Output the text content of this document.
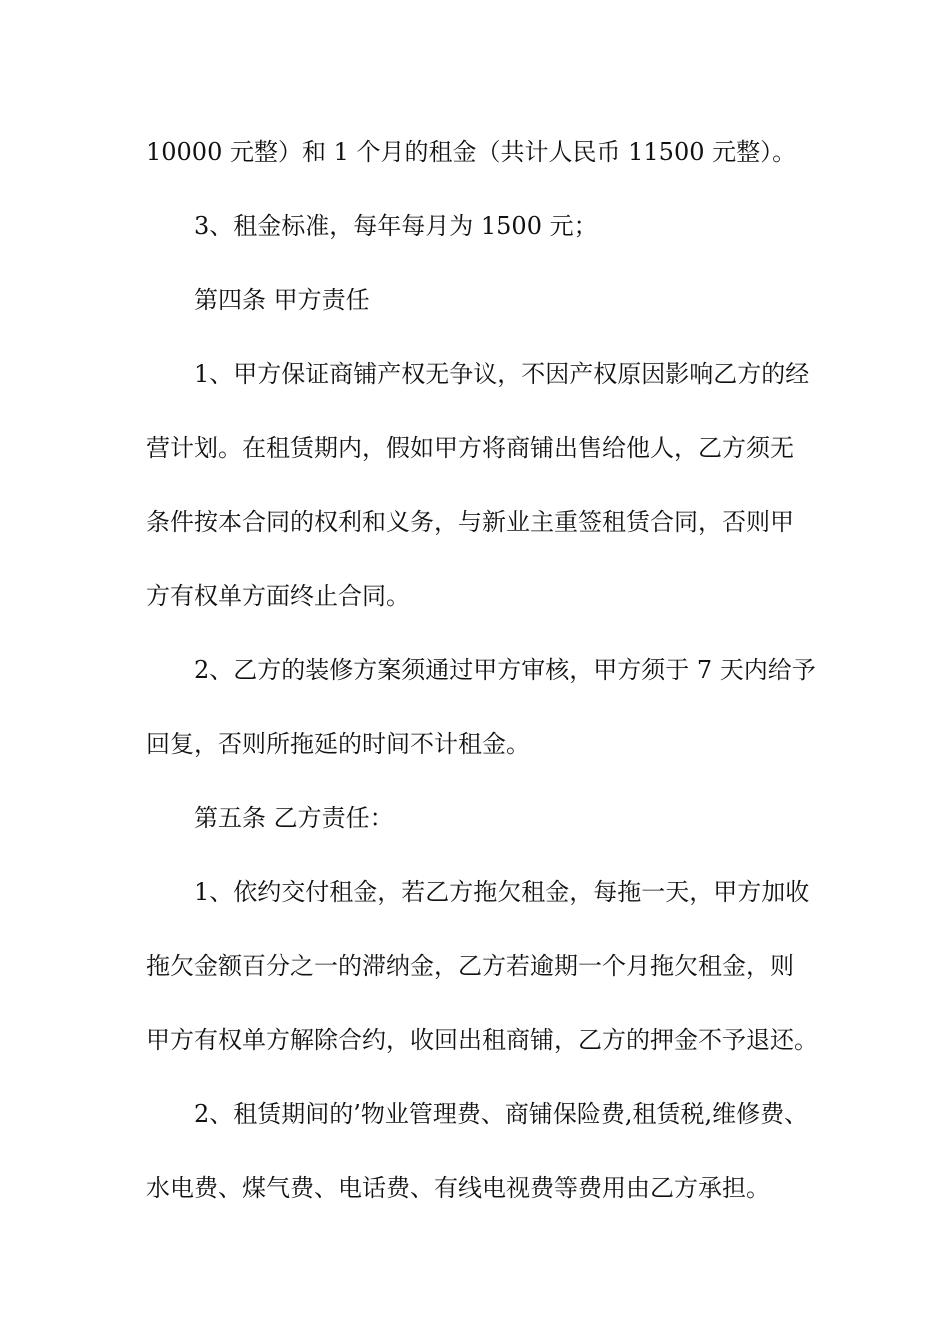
10000 元整）和 1 个月的租金（共计人民币 11500 元整）。
3、租金标准，每年每月为 1500 元；
第四条 甲方责任
1、甲方保证商铺产权无争议，不因产权原因影响乙方的经
营计划。在租赁期内，假如甲方将商铺出售给他人，乙方须无
条件按本合同的权利和义务，与新业主重签租赁合同，否则甲
方有权单方面终止合同。
2、乙方的装修方案须通过甲方审核，甲方须于 7 天内给予
回复，否则所拖延的时间不计租金。
第五条 乙方责任：
1、依约交付租金，若乙方拖欠租金，每拖一天，甲方加收
拖欠金额百分之一的滞纳金，乙方若逾期一个月拖欠租金，则
甲方有权单方解除合约，收回出租商铺，乙方的押金不予退还。
2、租赁期间的’物业管理费、商铺保险费,租赁税,维修费、
水电费、煤气费、电话费、有线电视费等费用由乙方承担。
